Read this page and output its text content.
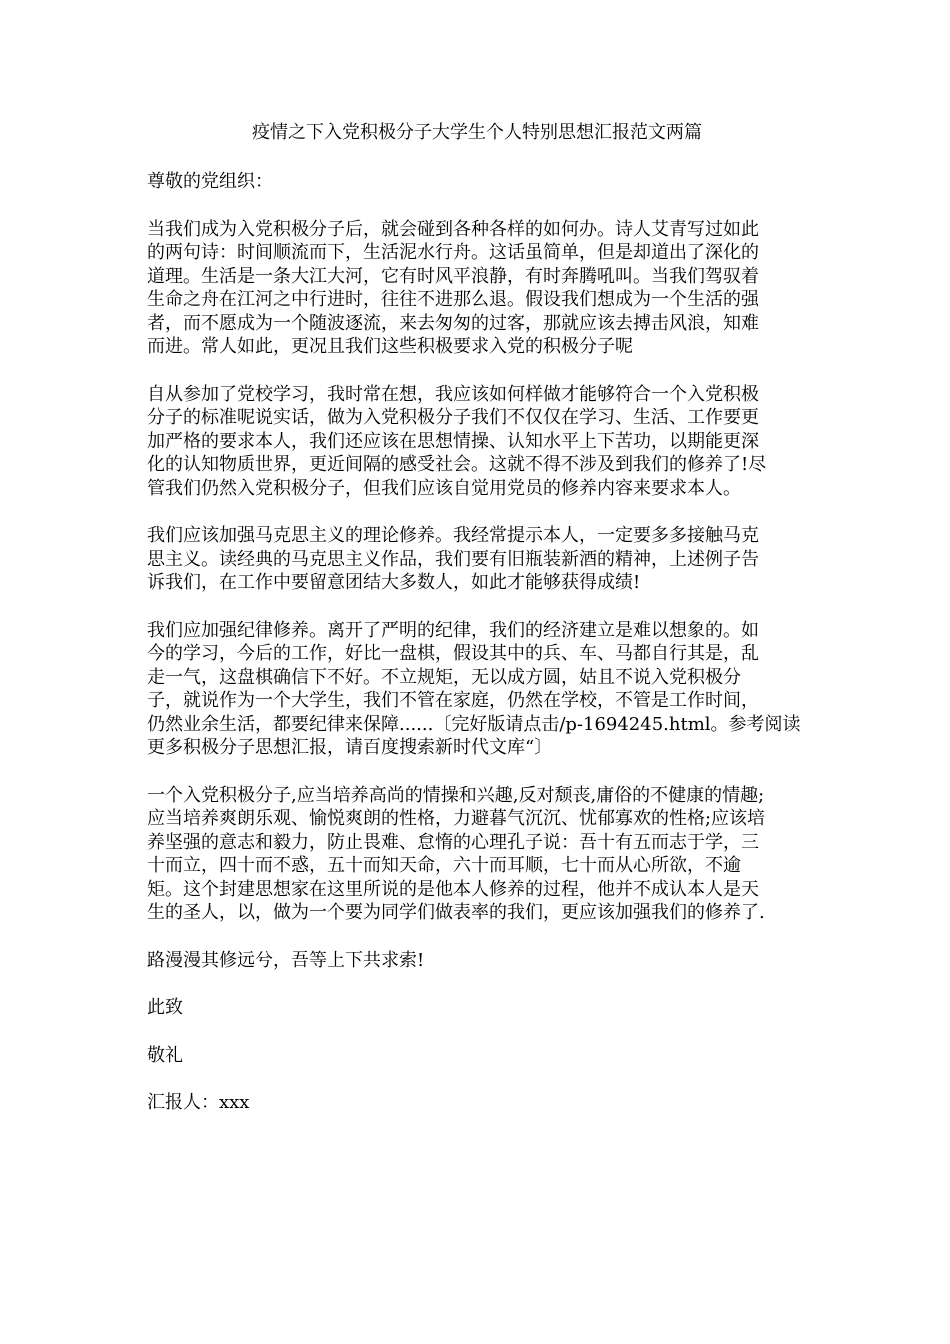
疫情之下入党积极分子大学生个人特别思想汇报范文两篇
尊敬的党组织：
当我们成为入党积极分子后，就会碰到各种各样的如何办。诗人艾青写过如此
的两句诗：时间顺流而下，生活泥水行舟。这话虽简单，但是却道出了深化的
道理。生活是一条大江大河，它有时风平浪静，有时奔腾吼叫。当我们驾驭着
生命之舟在江河之中行进时，往往不进那么退。假设我们想成为一个生活的强
者，而不愿成为一个随波逐流，来去匆匆的过客，那就应该去搏击风浪，知难
而进。常人如此，更况且我们这些积极要求入党的积极分子呢
自从参加了党校学习，我时常在想，我应该如何样做才能够符合一个入党积极
分子的标准呢说实话，做为入党积极分子我们不仅仅在学习、生活、工作要更
加严格的要求本人，我们还应该在思想情操、认知水平上下苦功，以期能更深
化的认知物质世界，更近间隔的感受社会。这就不得不涉及到我们的修养了!尽
管我们仍然入党积极分子，但我们应该自觉用党员的修养内容来要求本人。
我们应该加强马克思主义的理论修养。我经常提示本人，一定要多多接触马克
思主义。读经典的马克思主义作品，我们要有旧瓶装新酒的精神，上述例子告
诉我们，在工作中要留意团结大多数人，如此才能够获得成绩!
我们应加强纪律修养。离开了严明的纪律，我们的经济建立是难以想象的。如
今的学习，今后的工作，好比一盘棋，假设其中的兵、车、马都自行其是，乱
走一气，这盘棋确信下不好。不立规矩，无以成方圆，姑且不说入党积极分
子，就说作为一个大学生，我们不管在家庭，仍然在学校，不管是工作时间，
仍然业余生活，都要纪律来保障......〔完好版请点击/p-1694245.html。参考阅读
更多积极分子思想汇报，请百度搜索新时代文库“〕
一个入党积极分子,应当培养高尚的情操和兴趣,反对颓丧,庸俗的不健康的情趣;
应当培养爽朗乐观、愉悦爽朗的性格，力避暮气沉沉、忧郁寡欢的性格;应该培
养坚强的意志和毅力，防止畏难、怠惰的心理孔子说：吾十有五而志于学，三
十而立，四十而不惑，五十而知天命，六十而耳顺，七十而从心所欲，不逾
矩。这个封建思想家在这里所说的是他本人修养的过程，他并不成认本人是天
生的圣人，以，做为一个要为同学们做表率的我们，更应该加强我们的修养了.
路漫漫其修远兮，吾等上下共求索!
此致
敬礼
汇报人：xxx
